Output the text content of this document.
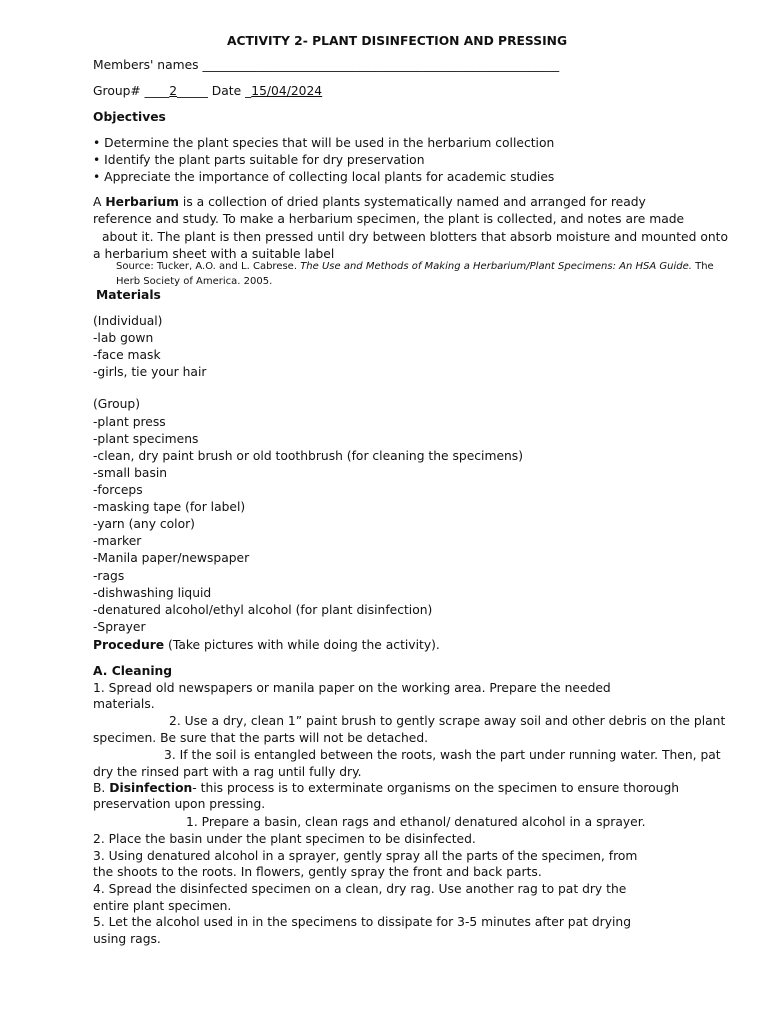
ACTIVITY 2- PLANT DISINFECTION AND PRESSING
Members' names __________________________________________________________
Group# ____2_____ Date _15/04/2024
Objectives
• Determine the plant species that will be used in the herbarium collection
• Identify the plant parts suitable for dry preservation
• Appreciate the importance of collecting local plants for academic studies
A Herbarium is a collection of dried plants systematically named and arranged for ready
reference and study. To make a herbarium specimen, the plant is collected, and notes are made
about it. The plant is then pressed until dry between blotters that absorb moisture and mounted onto
a herbarium sheet with a suitable label
Source: Tucker, A.O. and L. Cabrese. The Use and Methods of Making a Herbarium/Plant Specimens: An HSA Guide. The
Herb Society of America. 2005.
Materials
(Individual)
-lab gown
-face mask
-girls, tie your hair
(Group)
-plant press
-plant specimens
-clean, dry paint brush or old toothbrush (for cleaning the specimens)
-small basin
-forceps
-masking tape (for label)
-yarn (any color)
-marker
-Manila paper/newspaper
-rags
-dishwashing liquid
-denatured alcohol/ethyl alcohol (for plant disinfection)
-Sprayer
Procedure (Take pictures with while doing the activity).
A. Cleaning
1. Spread old newspapers or manila paper on the working area. Prepare the needed
materials.
2. Use a dry, clean 1” paint brush to gently scrape away soil and other debris on the plant
specimen. Be sure that the parts will not be detached.
3. If the soil is entangled between the roots, wash the part under running water. Then, pat
dry the rinsed part with a rag until fully dry.
B. Disinfection- this process is to exterminate organisms on the specimen to ensure thorough
preservation upon pressing.
1. Prepare a basin, clean rags and ethanol/ denatured alcohol in a sprayer.
2. Place the basin under the plant specimen to be disinfected.
3. Using denatured alcohol in a sprayer, gently spray all the parts of the specimen, from
the shoots to the roots. In flowers, gently spray the front and back parts.
4. Spread the disinfected specimen on a clean, dry rag. Use another rag to pat dry the
entire plant specimen.
5. Let the alcohol used in in the specimens to dissipate for 3-5 minutes after pat drying
using rags.
